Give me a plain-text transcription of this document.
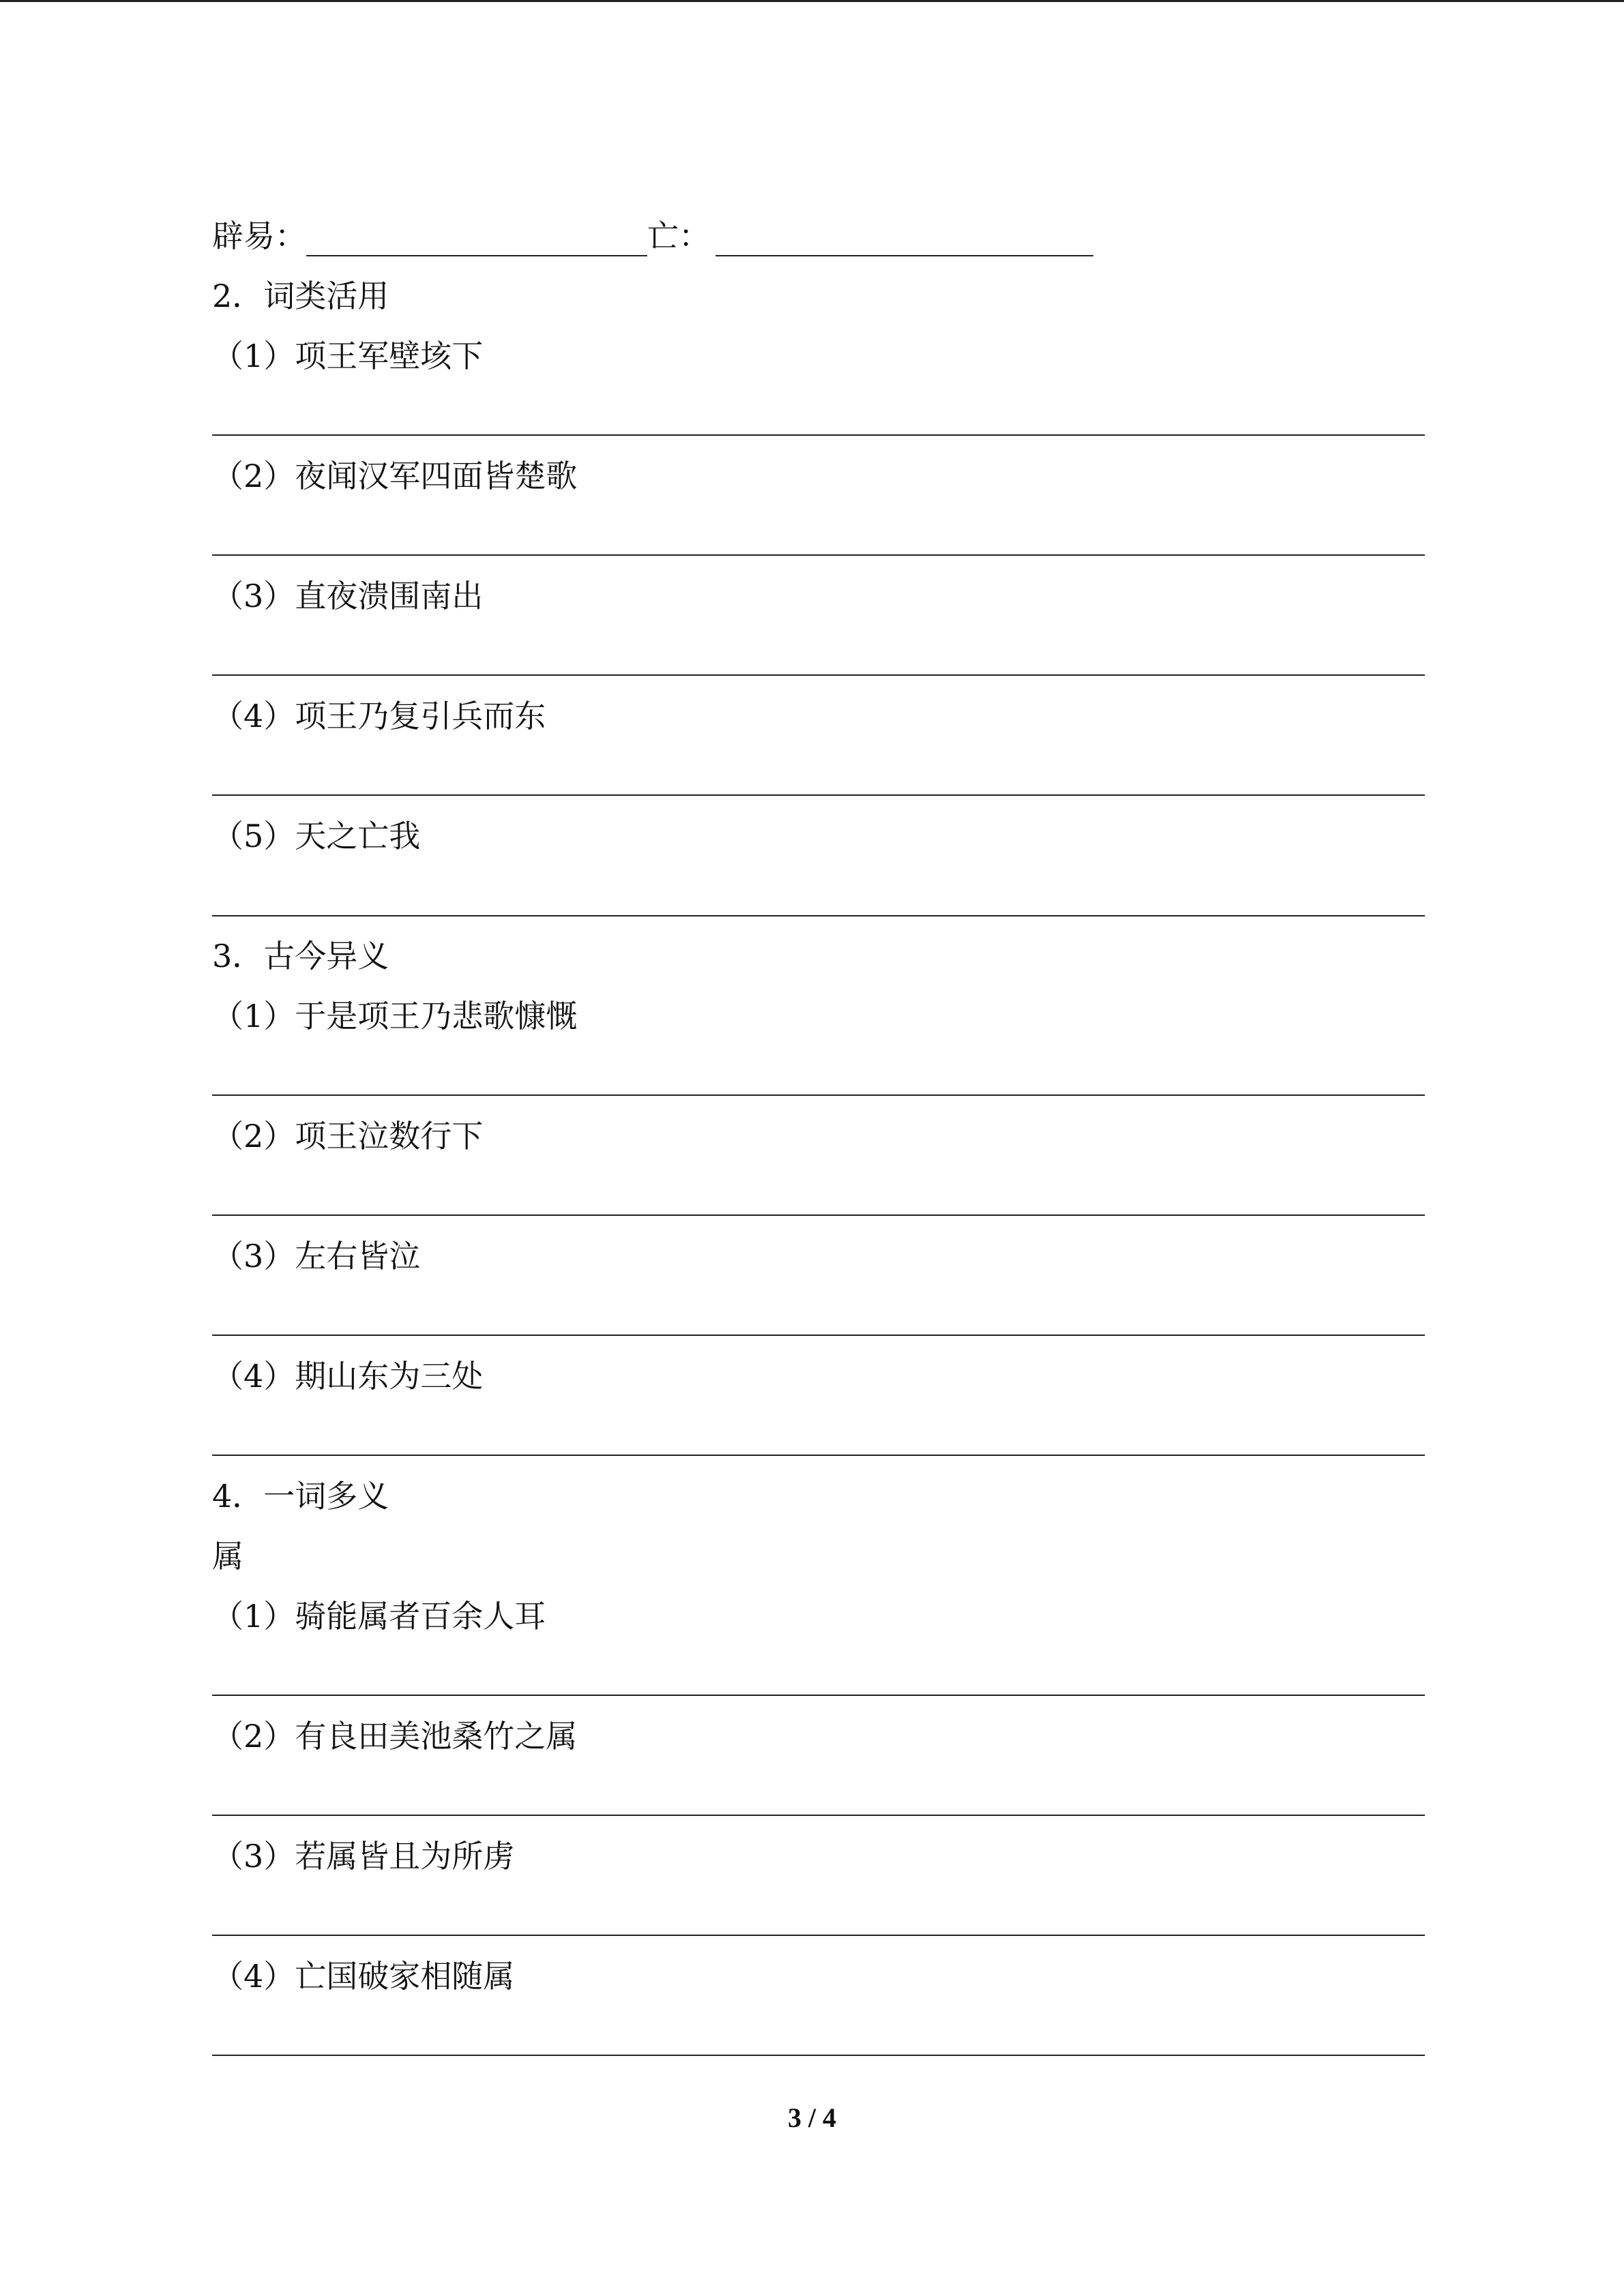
辟易：	亡：
2．词类活用
（1）项王军壁垓下
（2）夜闻汉军四面皆楚歌
（3）直夜溃围南出
（4）项王乃复引兵而东
（5）天之亡我
3．古今异义
（1）于是项王乃悲歌慷慨
（2）项王泣数行下
（3）左右皆泣
（4）期山东为三处
4．一词多义
属
（1）骑能属者百余人耳
（2）有良田美池桑竹之属
（3）若属皆且为所虏
（4）亡国破家相随属
3 / 4
